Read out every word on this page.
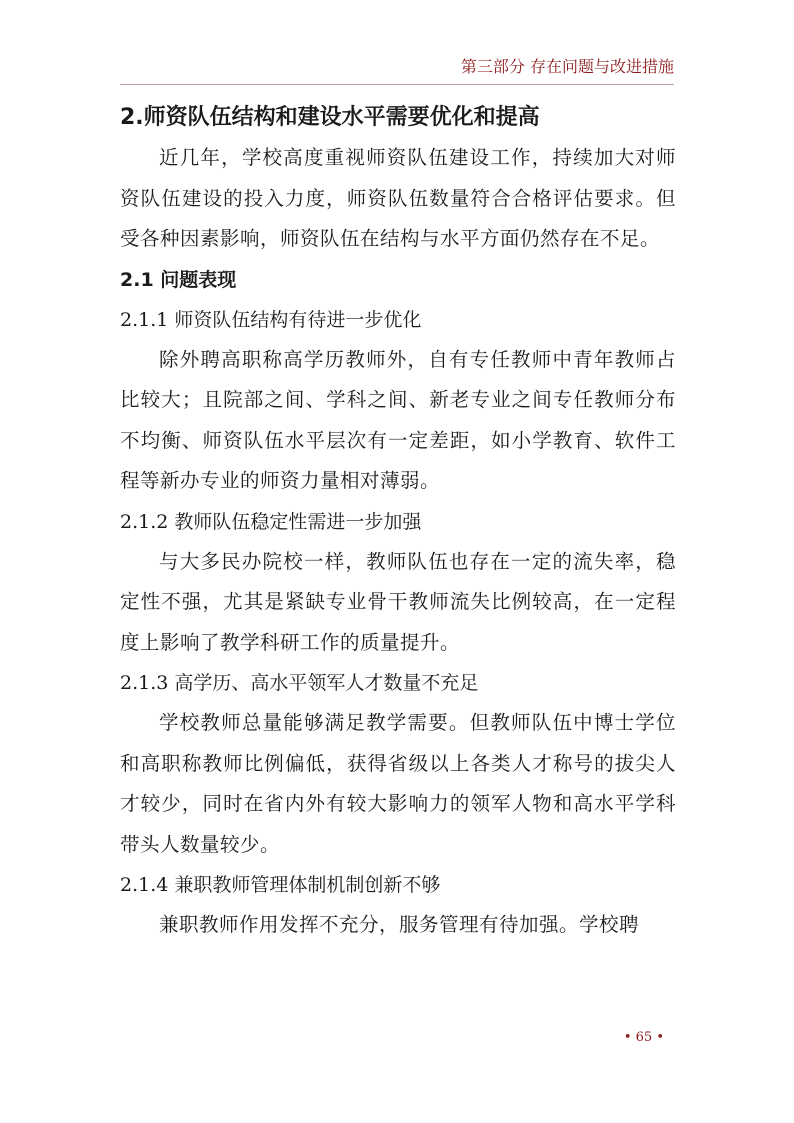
第三部分 存在问题与改进措施

2.师资队伍结构和建设水平需要优化和提高

近几年，学校高度重视师资队伍建设工作，持续加大对师资队伍建设的投入力度，师资队伍数量符合合格评估要求。但受各种因素影响，师资队伍在结构与水平方面仍然存在不足。

2.1 问题表现

2.1.1 师资队伍结构有待进一步优化

除外聘高职称高学历教师外，自有专任教师中青年教师占比较大；且院部之间、学科之间、新老专业之间专任教师分布不均衡、师资队伍水平层次有一定差距，如小学教育、软件工程等新办专业的师资力量相对薄弱。

2.1.2 教师队伍稳定性需进一步加强

与大多民办院校一样，教师队伍也存在一定的流失率，稳定性不强，尤其是紧缺专业骨干教师流失比例较高，在一定程度上影响了教学科研工作的质量提升。

2.1.3 高学历、高水平领军人才数量不充足

学校教师总量能够满足教学需要。但教师队伍中博士学位和高职称教师比例偏低，获得省级以上各类人才称号的拔尖人才较少，同时在省内外有较大影响力的领军人物和高水平学科带头人数量较少。

2.1.4 兼职教师管理体制机制创新不够

兼职教师作用发挥不充分，服务管理有待加强。学校聘

• 65 •
